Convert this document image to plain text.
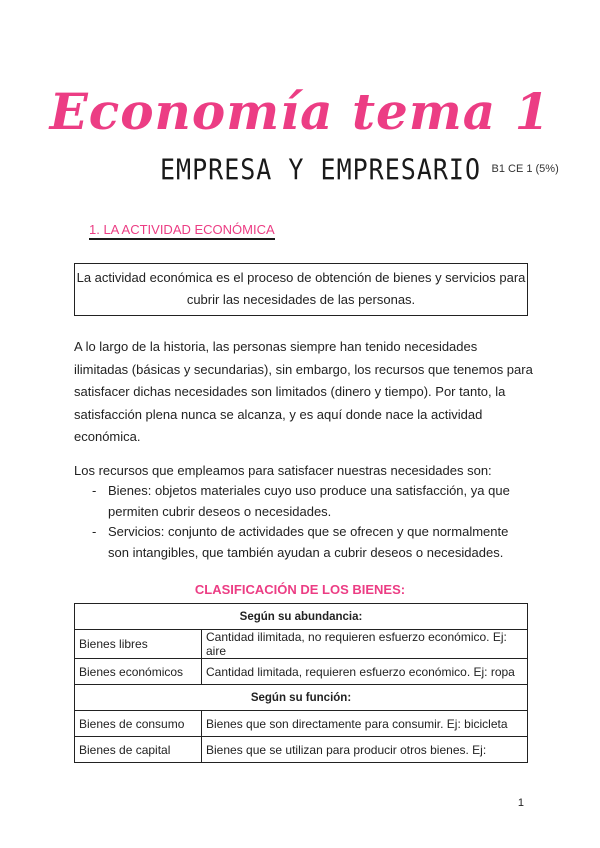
Economía tema 1
EMPRESA Y EMPRESARIO $^{B1 CE 1 (5\%)}$
1. LA ACTIVIDAD ECONÓMICA

La actividad económica es el proceso de obtención de bienes y servicios para cubrir las necesidades de las personas.

A lo largo de la historia, las personas siempre han tenido necesidades ilimitadas (básicas y secundarias), sin embargo, los recursos que tenemos para satisfacer dichas necesidades son limitados (dinero y tiempo). Por tanto, la satisfacción plena nunca se alcanza, y es aquí donde nace la actividad económica.

Los recursos que empleamos para satisfacer nuestras necesidades son:

- Bienes: objetos materiales cuyo uso produce una satisfacción, ya que permiten cubrir deseos o necesidades.
- Servicios: conjunto de actividades que se ofrecen y que normalmente son intangibles, que también ayudan a cubrir deseos o necesidades.

CLASIFICACIÓN DE LOS BIENES:

Según su abundancia:	
Bienes libres	Cantidad ilimitada, no requieren esfuerzo económico. Ej: aire
Bienes económicos	Cantidad limitada, requieren esfuerzo económico. Ej: ropa
Según su función:	
Bienes de consumo	Bienes que son directamente para consumir. Ej: bicicleta
Bienes de capital	Bienes que se utilizan para producir otros bienes. Ej:

1
